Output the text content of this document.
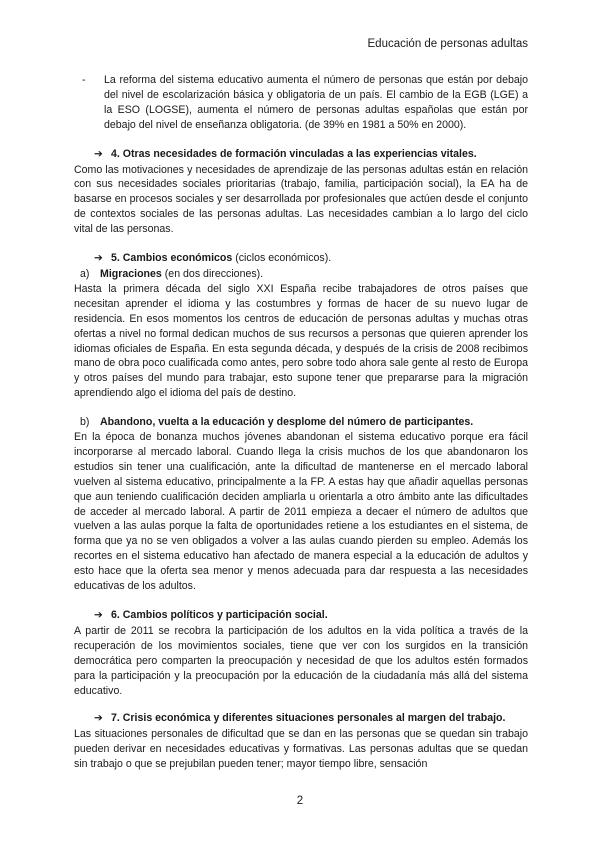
Educación de personas adultas
-	La reforma del sistema educativo aumenta el número de personas que están por debajo del nivel de escolarización básica y obligatoria de un país. El cambio de la EGB (LGE) a la ESO (LOGSE), aumenta el número de personas adultas españolas que están por debajo del nivel de enseñanza obligatoria. (de 39% en 1981 a 50% en 2000).

➔ 4. Otras necesidades de formación vinculadas a las experiencias vitales.

Como las motivaciones y necesidades de aprendizaje de las personas adultas están en relación con sus necesidades sociales prioritarias (trabajo, familia, participación social), la EA ha de basarse en procesos sociales y ser desarrollada por profesionales que actúen desde el conjunto de contextos sociales de las personas adultas. Las necesidades cambian a lo largo del ciclo vital de las personas.

➔ 5. Cambios económicos (ciclos económicos).

a) Migraciones (en dos direcciones).

Hasta la primera década del siglo XXI España recibe trabajadores de otros países que necesitan aprender el idioma y las costumbres y formas de hacer de su nuevo lugar de residencia. En esos momentos los centros de educación de personas adultas y muchas otras ofertas a nivel no formal dedican muchos de sus recursos a personas que quieren aprender los idiomas oficiales de España. En esta segunda década, y después de la crisis de 2008 recibimos mano de obra poco cualificada como antes, pero sobre todo ahora sale gente al resto de Europa y otros países del mundo para trabajar, esto supone tener que prepararse para la migración aprendiendo algo el idioma del país de destino.

b) Abandono, vuelta a la educación y desplome del número de participantes.

En la época de bonanza muchos jóvenes abandonan el sistema educativo porque era fácil incorporarse al mercado laboral. Cuando llega la crisis muchos de los que abandonaron los estudios sin tener una cualificación, ante la dificultad de mantenerse en el mercado laboral vuelven al sistema educativo, principalmente a la FP. A estas hay que añadir aquellas personas que aun teniendo cualificación deciden ampliarla u orientarla a otro ámbito ante las dificultades de acceder al mercado laboral. A partir de 2011 empieza a decaer el número de adultos que vuelven a las aulas porque la falta de oportunidades retiene a los estudiantes en el sistema, de forma que ya no se ven obligados a volver a las aulas cuando pierden su empleo. Además los recortes en el sistema educativo han afectado de manera especial a la educación de adultos y esto hace que la oferta sea menor y menos adecuada para dar respuesta a las necesidades educativas de los adultos.

➔ 6. Cambios políticos y participación social.

A partir de 2011 se recobra la participación de los adultos en la vida política a través de la recuperación de los movimientos sociales, tiene que ver con los surgidos en la transición democrática pero comparten la preocupación y necesidad de que los adultos estén formados para la participación y la preocupación por la educación de la ciudadanía más allá del sistema educativo.

➔ 7. Crisis económica y diferentes situaciones personales al margen del trabajo.

Las situaciones personales de dificultad que se dan en las personas que se quedan sin trabajo pueden derivar en necesidades educativas y formativas. Las personas adultas que se quedan sin trabajo o que se prejubilan pueden tener; mayor tiempo libre, sensación

2
